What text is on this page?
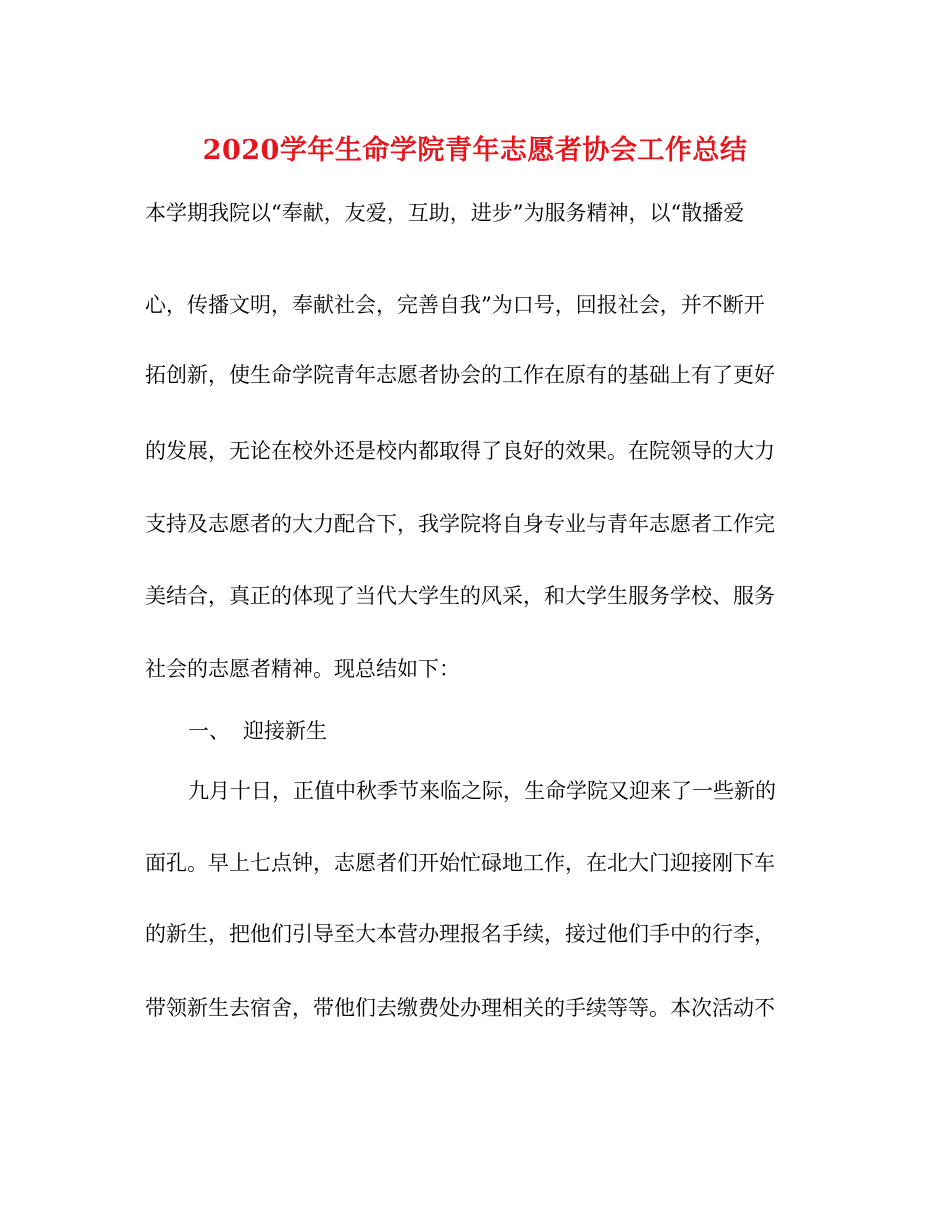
2020学年生命学院青年志愿者协会工作总结
本学期我院以“奉献，友爱，互助，进步”为服务精神，以“散播爱
心，传播文明，奉献社会，完善自我”为口号，回报社会，并不断开
拓创新，使生命学院青年志愿者协会的工作在原有的基础上有了更好
的发展，无论在校外还是校内都取得了良好的效果。在院领导的大力
支持及志愿者的大力配合下，我学院将自身专业与青年志愿者工作完
美结合，真正的体现了当代大学生的风采，和大学生服务学校、服务
社会的志愿者精神。现总结如下：
一、 迎接新生
九月十日，正值中秋季节来临之际，生命学院又迎来了一些新的
面孔。早上七点钟，志愿者们开始忙碌地工作，在北大门迎接刚下车
的新生，把他们引导至大本营办理报名手续，接过他们手中的行李，
带领新生去宿舍，带他们去缴费处办理相关的手续等等。本次活动不
